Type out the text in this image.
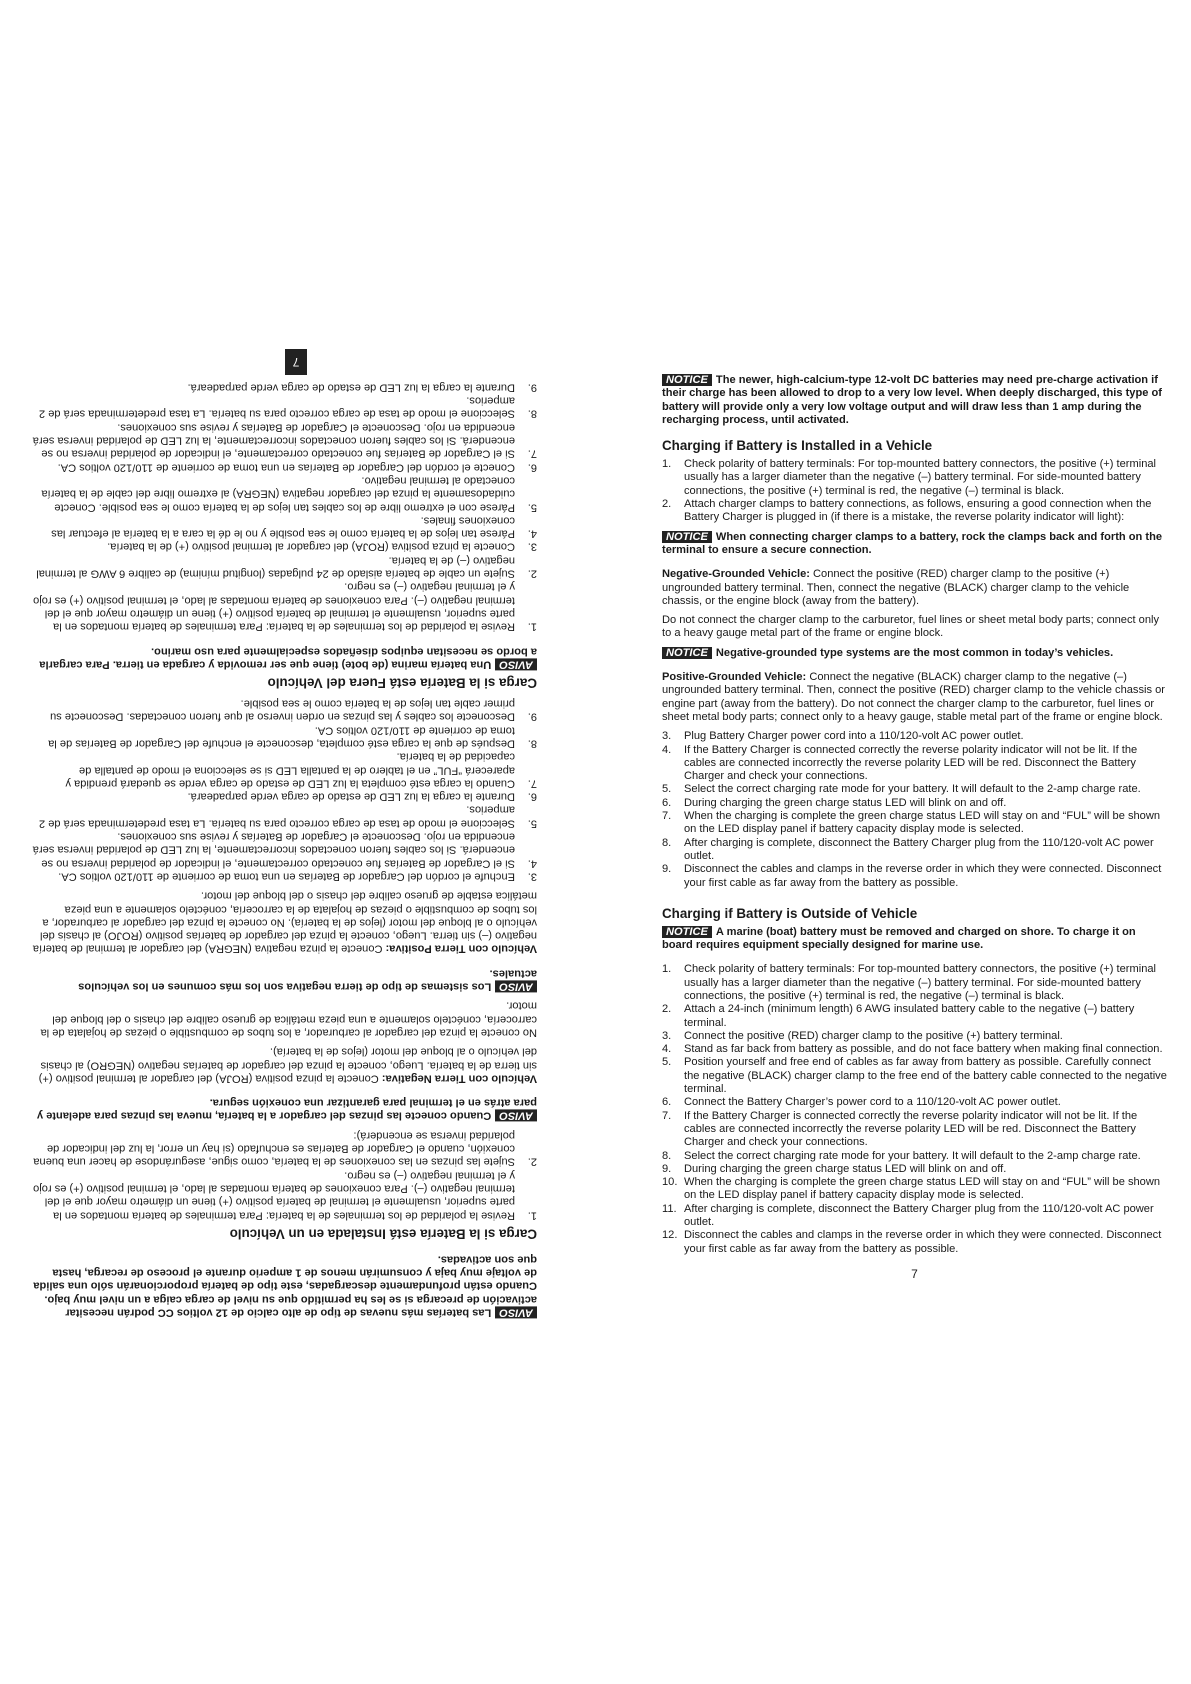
NOTICE The newer, high-calcium-type 12-volt DC batteries may need pre-charge activation if their charge has been allowed to drop to a very low level. When deeply discharged, this type of battery will provide only a very low voltage output and will draw less than 1 amp during the recharging process, until activated.
Charging if Battery is Installed in a Vehicle
1.	Check polarity of battery terminals: For top-mounted battery connectors, the positive (+) terminal usually has a larger diameter than the negative (–) battery terminal. For side-mounted battery connections, the positive (+) terminal is red, the negative (–) terminal is black.
2.	Attach charger clamps to battery connections, as follows, ensuring a good connection when the Battery Charger is plugged in (if there is a mistake, the reverse polarity indicator will light):
NOTICE When connecting charger clamps to a battery, rock the clamps back and forth on the terminal to ensure a secure connection.

Negative-Grounded Vehicle: Connect the positive (RED) charger clamp to the positive (+) ungrounded battery terminal. Then, connect the negative (BLACK) charger clamp to the vehicle chassis, or the engine block (away from the battery).

Do not connect the charger clamp to the carburetor, fuel lines or sheet metal body parts; connect only to a heavy gauge metal part of the frame or engine block.

NOTICE Negative-grounded type systems are the most common in today’s vehicles.

Positive-Grounded Vehicle: Connect the negative (BLACK) charger clamp to the negative (–) ungrounded battery terminal. Then, connect the positive (RED) charger clamp to the vehicle chassis or engine part (away from the battery). Do not connect the charger clamp to the carburetor, fuel lines or sheet metal body parts; connect only to a heavy gauge, stable metal part of the frame or engine block.

3.	Plug Battery Charger power cord into a 110/120-volt AC power outlet.
4.	If the Battery Charger is connected correctly the reverse polarity indicator will not be lit. If the cables are connected incorrectly the reverse polarity LED will be red. Disconnect the Battery Charger and check your connections.
5.	Select the correct charging rate mode for your battery. It will default to the 2-amp charge rate.
6.	During charging the green charge status LED will blink on and off.
7.	When the charging is complete the green charge status LED will stay on and “FUL” will be shown on the LED display panel if battery capacity display mode is selected.
8.	After charging is complete, disconnect the Battery Charger plug from the 110/120-volt AC power outlet.
9.	Disconnect the cables and clamps in the reverse order in which they were connected. Disconnect your first cable as far away from the battery as possible.
Charging if Battery is Outside of Vehicle
NOTICE A marine (boat) battery must be removed and charged on shore. To charge it on board requires equipment specially designed for marine use.
1.	Check polarity of battery terminals: For top-mounted battery connectors, the positive (+) terminal usually has a larger diameter than the negative (–) battery terminal. For side-mounted battery connections, the positive (+) terminal is red, the negative (–) terminal is black.
2.	Attach a 24-inch (minimum length) 6 AWG insulated battery cable to the negative (–) battery terminal.
3.	Connect the positive (RED) charger clamp to the positive (+) battery terminal.
4.	Stand as far back from battery as possible, and do not face battery when making final connection.
5.	Position yourself and free end of cables as far away from battery as possible. Carefully connect the negative (BLACK) charger clamp to the free end of the battery cable connected to the negative terminal.
6.	Connect the Battery Charger’s power cord to a 110/120-volt AC power outlet.
7.	If the Battery Charger is connected correctly the reverse polarity indicator will not be lit. If the cables are connected incorrectly the reverse polarity LED will be red. Disconnect the Battery Charger and check your connections.
8.	Select the correct charging rate mode for your battery. It will default to the 2-amp charge rate.
9.	During charging the green charge status LED will blink on and off.
10. When the charging is complete the green charge status LED will stay on and “FUL” will be shown on the LED display panel if battery capacity display mode is selected.
11. After charging is complete, disconnect the Battery Charger plug from the 110/120-volt AC power outlet.
12. Disconnect the cables and clamps in the reverse order in which they were connected. Disconnect your first cable as far away from the battery as possible.
7
7
AVISOLas baterías más nuevas de tipo de alto calcio de 12 voltios CC podrán necesitar activación de precarga si se les ha permitido que su nivel de carga caiga a un nivel muy bajo. Cuando están profundamente descargadas, este tipo de batería proporcionarán sólo una salida de voltaje muy baja y consumirán menos de 1 amperio durante el proceso de recarga, hasta que son activadas.
Carga si la Batería está Instalada en un Vehículo
1.
Revise la polaridad de los terminales de la batería: Para terminales de batería montados en la parte superior, usualmente el terminal de batería positivo (+) tiene un diámetro mayor que el del terminal negativo (–). Para conexiones de batería montadas al lado, el terminal positivo (+) es rojo y el terminal negativo (–) es negro.
2.
Sujete las pinzas en las conexiones de la batería, como sigue, asegurándose de hacer una buena conexión, cuando el Cargador de Baterías es enchufado (si hay un error, la luz del indicador de polaridad inversa se encenderá):
AVISOCuando conecte las pinzas del cargador a la batería, mueva las pinzas para adelante y para atrás en el terminal para garantizar una conexión segura.

Vehículo con Tierra Negativa: Conecte la pinza positiva (ROJA) del cargador al terminal positivo (+) sin tierra de la batería. Luego, conecte la pinza del cargador de baterías negativo (NEGRO) al chasis del vehículo o al bloque del motor (lejos de la batería).

No conecte la pinza del cargador al carburador, a los tubos de combustible o piezas de hojalata de la carrocería, conéctelo solamente a una pieza metálica de grueso calibre del chasis o del bloque del motor.

AVISOLos sistemas de tipo de tierra negativa son los más comunes en los vehículos actuales.

Vehículo con Tierra Positiva: Conecte la pinza negativa (NEGRA) del cargador al terminal de batería negativo (–) sin tierra. Luego, conecte la pinza del cargador de baterías positivo (ROJO) al chasis del vehículo o al bloque del motor (lejos de la batería). No conecte la pinza del cargador al carburador, a los tubos de combustible o piezas de hojalata de la carrocería, conéctelo solamente a una pieza metálica estable de grueso calibre del chasis o del bloque del motor.

3.
Enchufe el cordón del Cargador de Baterías en una toma de corriente de 110/120 voltios CA.
4.
Si el Cargador de Baterías fue conectado correctamente, el indicador de polaridad inversa no se encenderá. Si los cables fueron conectados incorrectamente, la luz LED de polaridad inversa será encendida en rojo. Desconecte el Cargador de Baterías y revise sus conexiones.
5.
Seleccione el modo de tasa de carga correcto para su batería. La tasa predeterminada será de 2 amperios.
6.
Durante la carga la luz LED de estado de carga verde parpadeará.
7.
Cuando la carga esté completa la luz LED de estado de carga verde se quedará prendida y aparecerá “FUL” en el tablero de la pantalla LED si se selecciona el modo de pantalla de capacidad de la batería.
8.
Después de que la carga esté completa, desconecte el enchufe del Cargador de Baterías de la toma de corriente de 110/120 voltios CA.
9.
Desconecte los cables y las pinzas en orden inverso al que fueron conectadas. Desconecte su primer cable tan lejos de la batería como le sea posible.
Carga si la Batería está Fuera del Vehículo
AVISOUna batería marina (de bote) tiene que ser removida y cargada en tierra. Para cargarla a bordo se necesitan equipos diseñados especialmente para uso marino.
1.
Revise la polaridad de los terminales de la batería: Para terminales de batería montados en la parte superior, usualmente el terminal de batería positivo (+) tiene un diámetro mayor que el del terminal negativo (–). Para conexiones de batería montadas al lado, el terminal positivo (+) es rojo y el terminal negativo (–) es negro.
2.
Sujete un cable de batería aislado de 24 pulgadas (longitud mínima) de calibre 6 AWG al terminal negativo (–) de la batería.
3.
Conecte la pinza positiva (ROJA) del cargador al terminal positivo (+) de la batería.
4.
Párese tan lejos de la batería como le sea posible y no le dé la cara a la batería al efectuar las conexiones finales.
5.
Párese con el extremo libre de los cables tan lejos de la batería como le sea posible. Conecte cuidadosamente la pinza del cargador negativa (NEGRA) al extremo libre del cable de la batería conectado al terminal negativo.
6.
Conecte el cordón del Cargador de Baterías en una toma de corriente de 110/120 voltios CA.
7.
Si el Cargador de Baterías fue conectado correctamente, el indicador de polaridad inversa no se encenderá. Si los cables fueron conectados incorrectamente, la luz LED de polaridad inversa será encendida en rojo. Desconecte el Cargador de Baterías y revise sus conexiones.
8.
Seleccione el modo de tasa de carga correcto para su batería. La tasa predeterminada será de 2 amperios.
9.
Durante la carga la luz LED de estado de carga verde parpadeará.
